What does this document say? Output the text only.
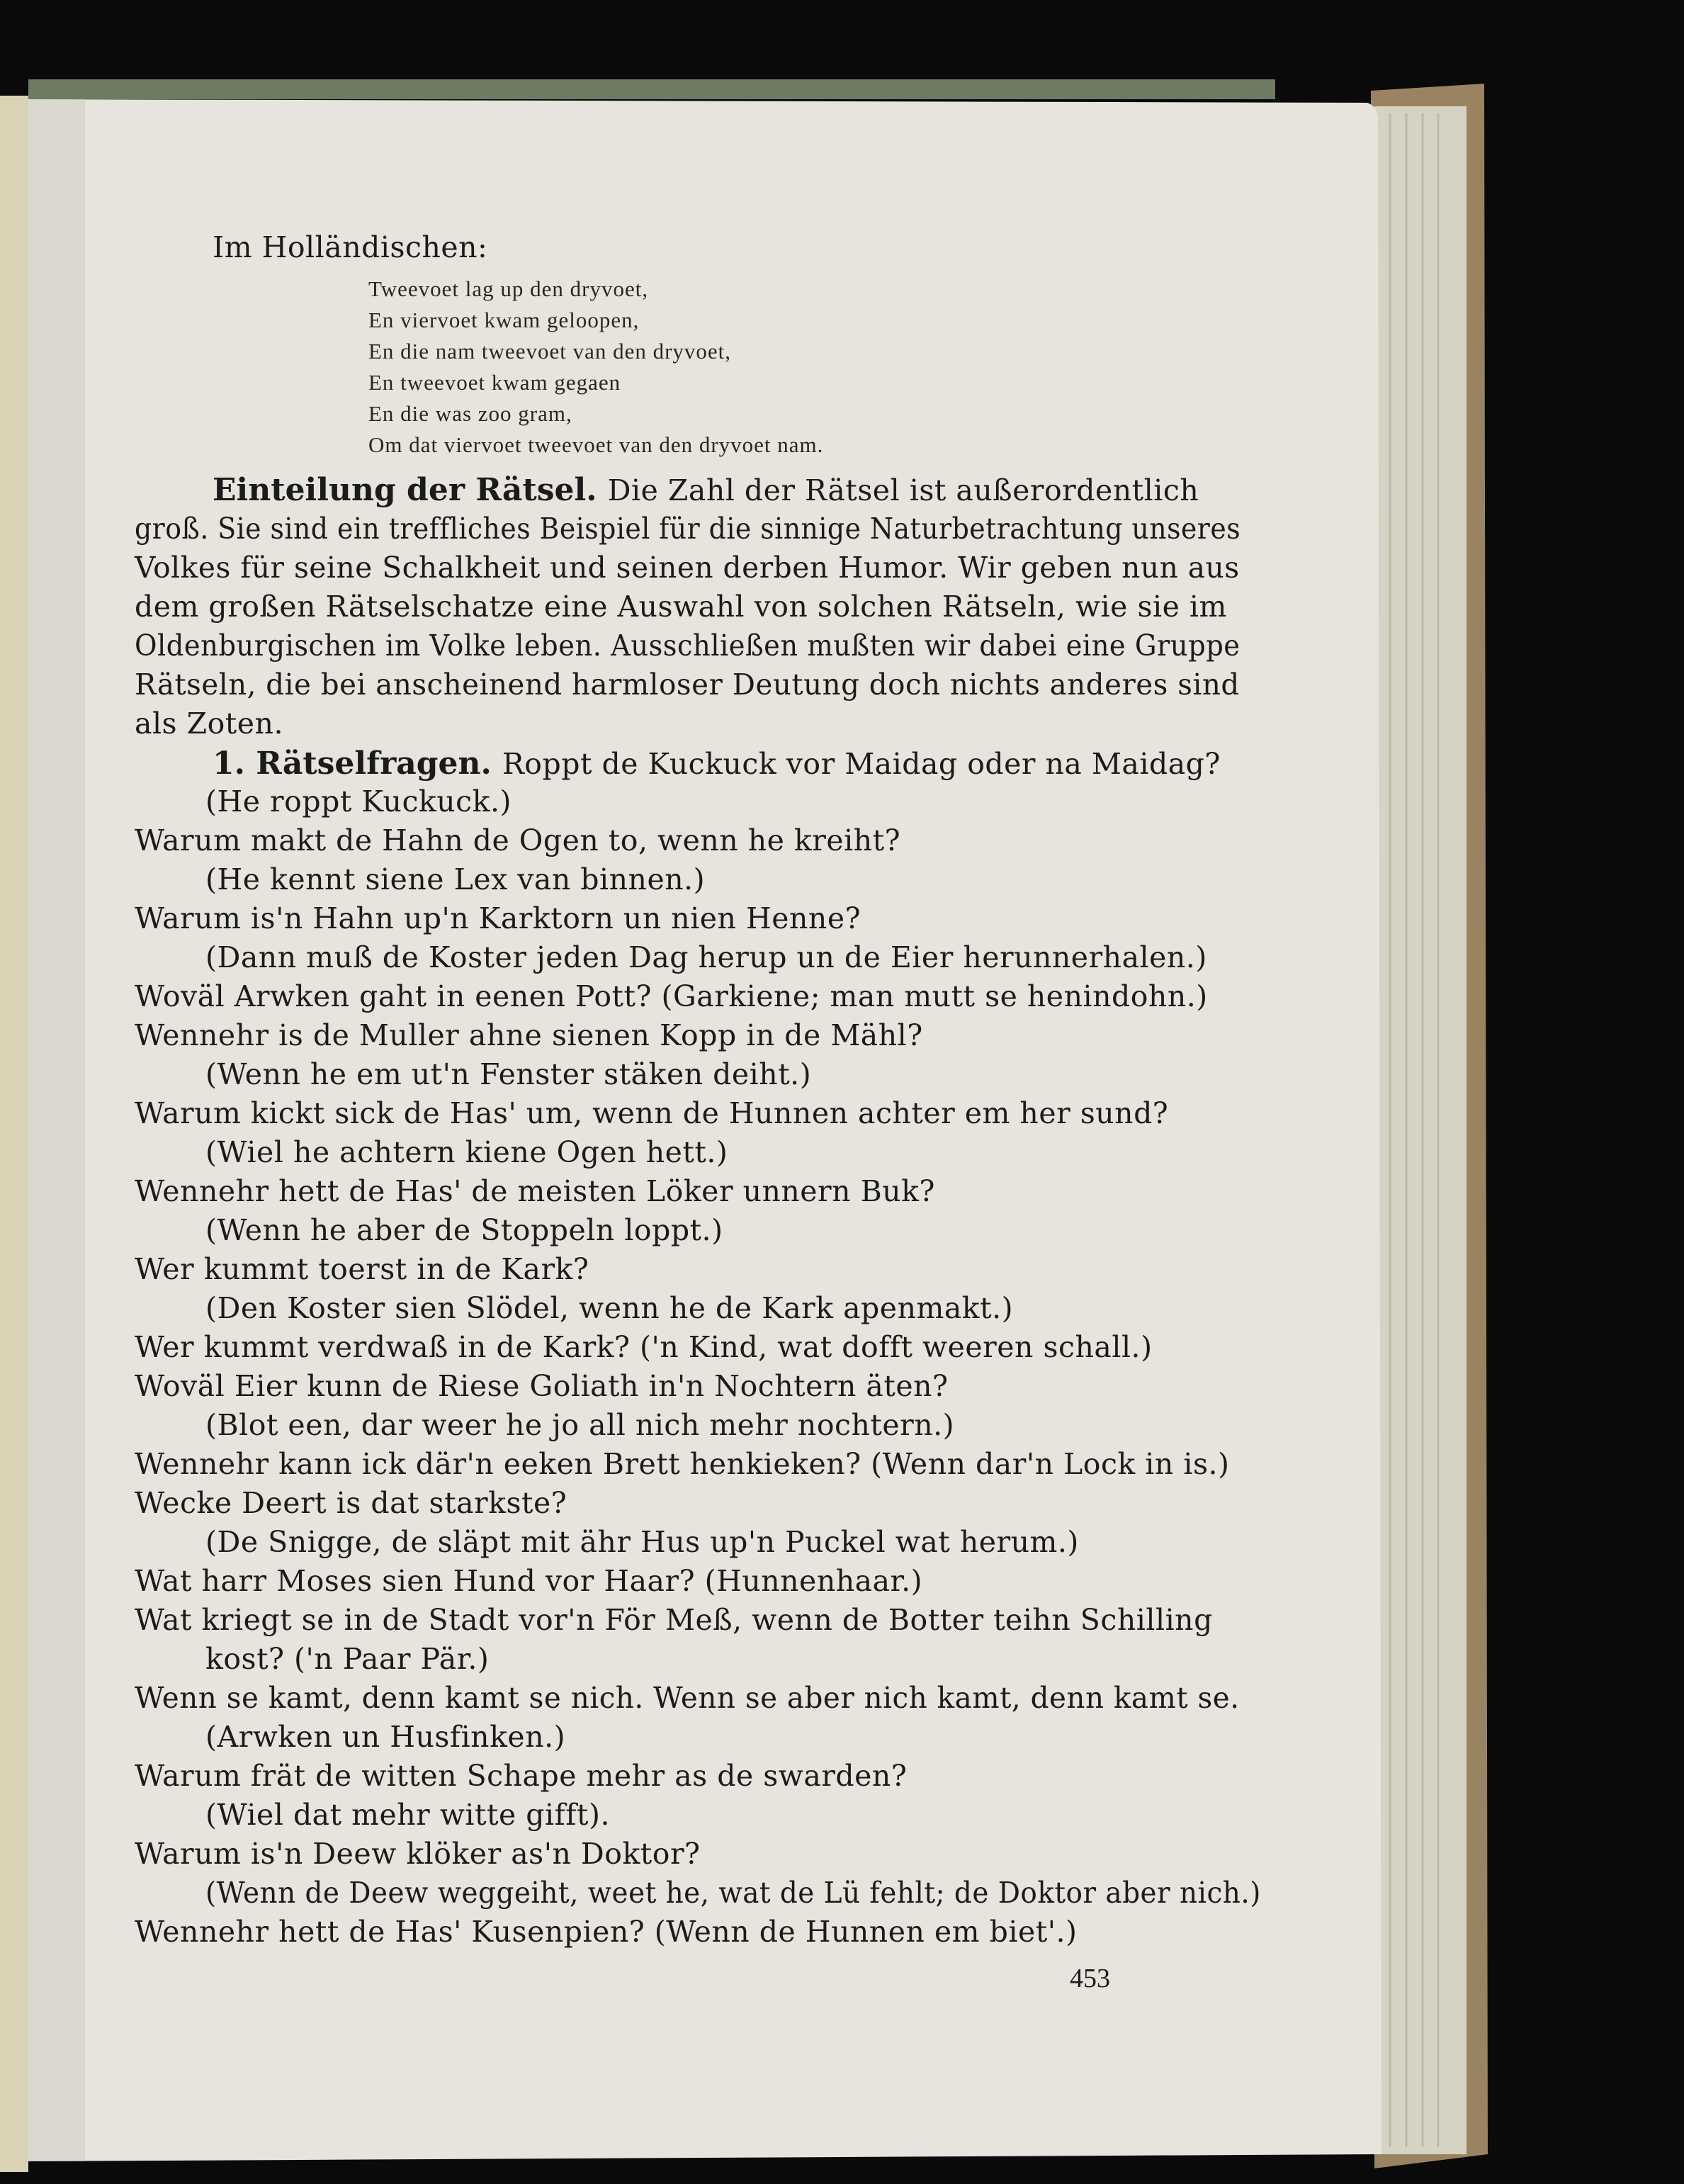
Im Holländischen:
Tweevoet lag up den dryvoet,
En viervoet kwam geloopen,
En die nam tweevoet van den dryvoet,
En tweevoet kwam gegaen
En die was zoo gram,
Om dat viervoet tweevoet van den dryvoet nam.
Einteilung der Rätsel. Die Zahl der Rätsel ist außerordentlich
groß. Sie sind ein treffliches Beispiel für die sinnige Naturbetrachtung unseres
Volkes für seine Schalkheit und seinen derben Humor. Wir geben nun aus
dem großen Rätselschatze eine Auswahl von solchen Rätseln, wie sie im
Oldenburgischen im Volke leben. Ausschließen mußten wir dabei eine Gruppe
Rätseln, die bei anscheinend harmloser Deutung doch nichts anderes sind
als Zoten.
1. Rätselfragen. Roppt de Kuckuck vor Maidag oder na Maidag?
(He roppt Kuckuck.)
Warum makt de Hahn de Ogen to, wenn he kreiht?
(He kennt siene Lex van binnen.)
Warum is'n Hahn up'n Karktorn un nien Henne?
(Dann muß de Koster jeden Dag herup un de Eier herunnerhalen.)
Woväl Arwken gaht in eenen Pott? (Garkiene; man mutt se henindohn.)
Wennehr is de Muller ahne sienen Kopp in de Mähl?
(Wenn he em ut'n Fenster stäken deiht.)
Warum kickt sick de Has' um, wenn de Hunnen achter em her sund?
(Wiel he achtern kiene Ogen hett.)
Wennehr hett de Has' de meisten Löker unnern Buk?
(Wenn he aber de Stoppeln loppt.)
Wer kummt toerst in de Kark?
(Den Koster sien Slödel, wenn he de Kark apenmakt.)
Wer kummt verdwaß in de Kark? ('n Kind, wat dofft weeren schall.)
Woväl Eier kunn de Riese Goliath in'n Nochtern äten?
(Blot een, dar weer he jo all nich mehr nochtern.)
Wennehr kann ick där'n eeken Brett henkieken? (Wenn dar'n Lock in is.)
Wecke Deert is dat starkste?
(De Snigge, de släpt mit ähr Hus up'n Puckel wat herum.)
Wat harr Moses sien Hund vor Haar? (Hunnenhaar.)
Wat kriegt se in de Stadt vor'n För Meß, wenn de Botter teihn Schilling
kost? ('n Paar Pär.)
Wenn se kamt, denn kamt se nich. Wenn se aber nich kamt, denn kamt se.
(Arwken un Husfinken.)
Warum frät de witten Schape mehr as de swarden?
(Wiel dat mehr witte gifft).
Warum is'n Deew klöker as'n Doktor?
(Wenn de Deew weggeiht, weet he, wat de Lü fehlt; de Doktor aber nich.)
Wennehr hett de Has' Kusenpien? (Wenn de Hunnen em biet'.)
453
